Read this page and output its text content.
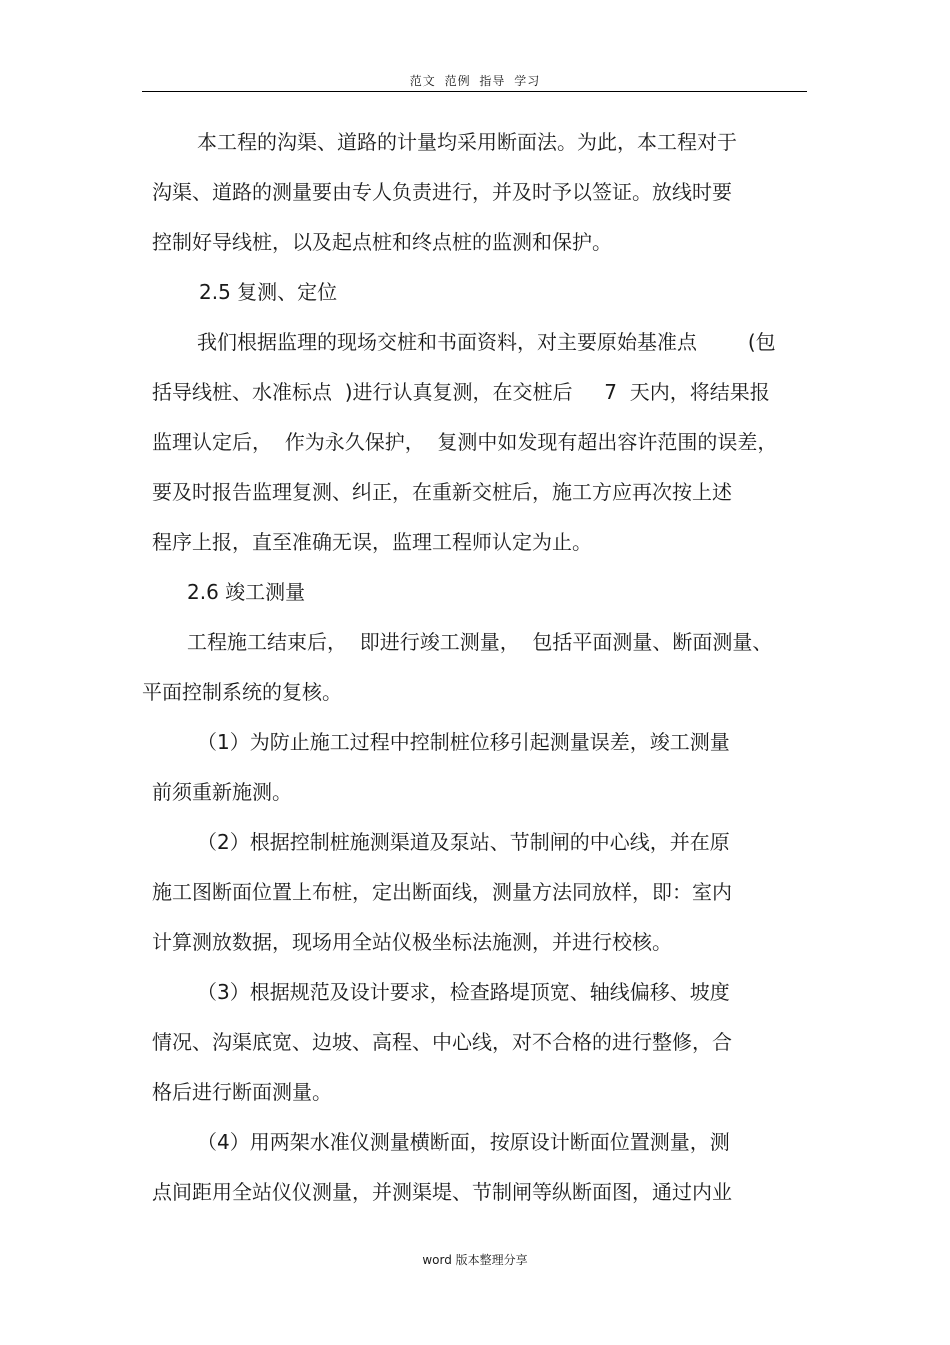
范文 范例 指导 学习
本工程的沟渠、道路的计量均采用断面法。为此，本工程对于
沟渠、道路的测量要由专人负责进行，并及时予以签证。放线时要
控制好导线桩，以及起点桩和终点桩的监测和保护。
2.5 复测、定位
我们根据监理的现场交桩和书面资料，对主要原始基准点        (包
括导线桩、水准标点  )进行认真复测，在交桩后     7  天内，将结果报
监理认定后，  作为永久保护，  复测中如发现有超出容许范围的误差，
要及时报告监理复测、纠正，在重新交桩后，施工方应再次按上述
程序上报，直至准确无误，监理工程师认定为止。
2.6 竣工测量
工程施工结束后，  即进行竣工测量，  包括平面测量、断面测量、
平面控制系统的复核。
（1）为防止施工过程中控制桩位移引起测量误差，竣工测量
前须重新施测。
（2）根据控制桩施测渠道及泵站、节制闸的中心线，并在原
施工图断面位置上布桩，定出断面线，测量方法同放样，即：室内
计算测放数据，现场用全站仪极坐标法施测，并进行校核。
（3）根据规范及设计要求，检查路堤顶宽、轴线偏移、坡度
情况、沟渠底宽、边坡、高程、中心线，对不合格的进行整修，合
格后进行断面测量。
（4）用两架水准仪测量横断面，按原设计断面位置测量，测
点间距用全站仪仪测量，并测渠堤、节制闸等纵断面图，通过内业
word 版本整理分享
